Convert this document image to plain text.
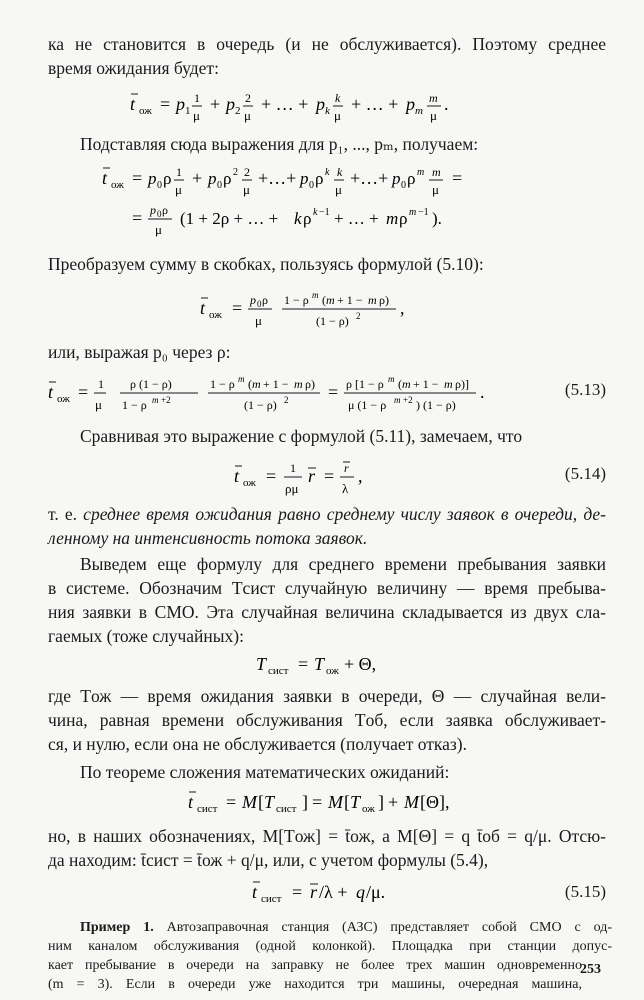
ка не становится в очередь (и не обслуживается). Поэтому среднее
время ожидания будет:
t ож = p 1
1
μ
+ p 2
2
μ
+ … + p k
k
μ
+ … + p m
m
μ
.
Подставляя сюда выражения для p₁, ..., pₘ, получаем:
t ож = p 0 ρ 1
μ
+ p 0 ρ 2 2
μ
+…+ p 0 ρ k k
μ
+…+ p 0 ρ m m
μ
=
= p 0 ρ
μ
(1 + 2ρ + … + k ρ k −1 + … + m ρ m −1 ).
Преобразуем сумму в скобках, пользуясь формулой (5.10):
t ож = p 0 ρ
μ
1 − ρ m ( m + 1 − m ρ)
(1 − ρ) 2 ,
или, выражая p₀ через ρ:
t ож = 1
μ
ρ (1 − ρ)
1 − ρ m +2
1 − ρ m ( m + 1 − m ρ)
(1 − ρ) 2 = ρ [1 − ρ m ( m + 1 − m ρ)]
μ (1 − ρ m +2 ) (1 − ρ)
.	(5.13)
Сравнивая это выражение с формулой (5.11), замечаем, что
t ож = 1
ρμ
r = r
λ
,	(5.14)
т. е. среднее время ожидания равно среднему числу заявок в очереди, де-
ленному на интенсивность потока заявок.
Выведем еще формулу для среднего времени пребывания заявки
в системе. Обозначим Tсист случайную величину — время пребыва-
ния заявки в СМО. Эта случайная величина складывается из двух сла-
гаемых (тоже случайных):
T сист = T ож + Θ,
где Tож — время ожидания заявки в очереди, Θ — случайная вели-
чина, равная времени обслуживания Tоб, если заявка обслуживает-
ся, и нулю, если она не обслуживается (получает отказ).
По теореме сложения математических ожиданий:
t сист = M [ T сист ] = M [ T ож ] + M [Θ],
но, в наших обозначениях, M[Tож] = t̄ож, а M[Θ] = q t̄об = q/μ. Отсю-
да находим: t̄сист = t̄ож + q/μ, или, с учетом формулы (5.4),
t сист = r /λ + q /μ.	(5.15)
Пример 1. Автозаправочная станция (АЗС) представляет собой СМО с од-
ним каналом обслуживания (одной колонкой). Площадка при станции допус-
кает пребывание в очереди на заправку не более трех машин одновременно
(m = 3). Если в очереди уже находится три машины, очередная машина,
253
